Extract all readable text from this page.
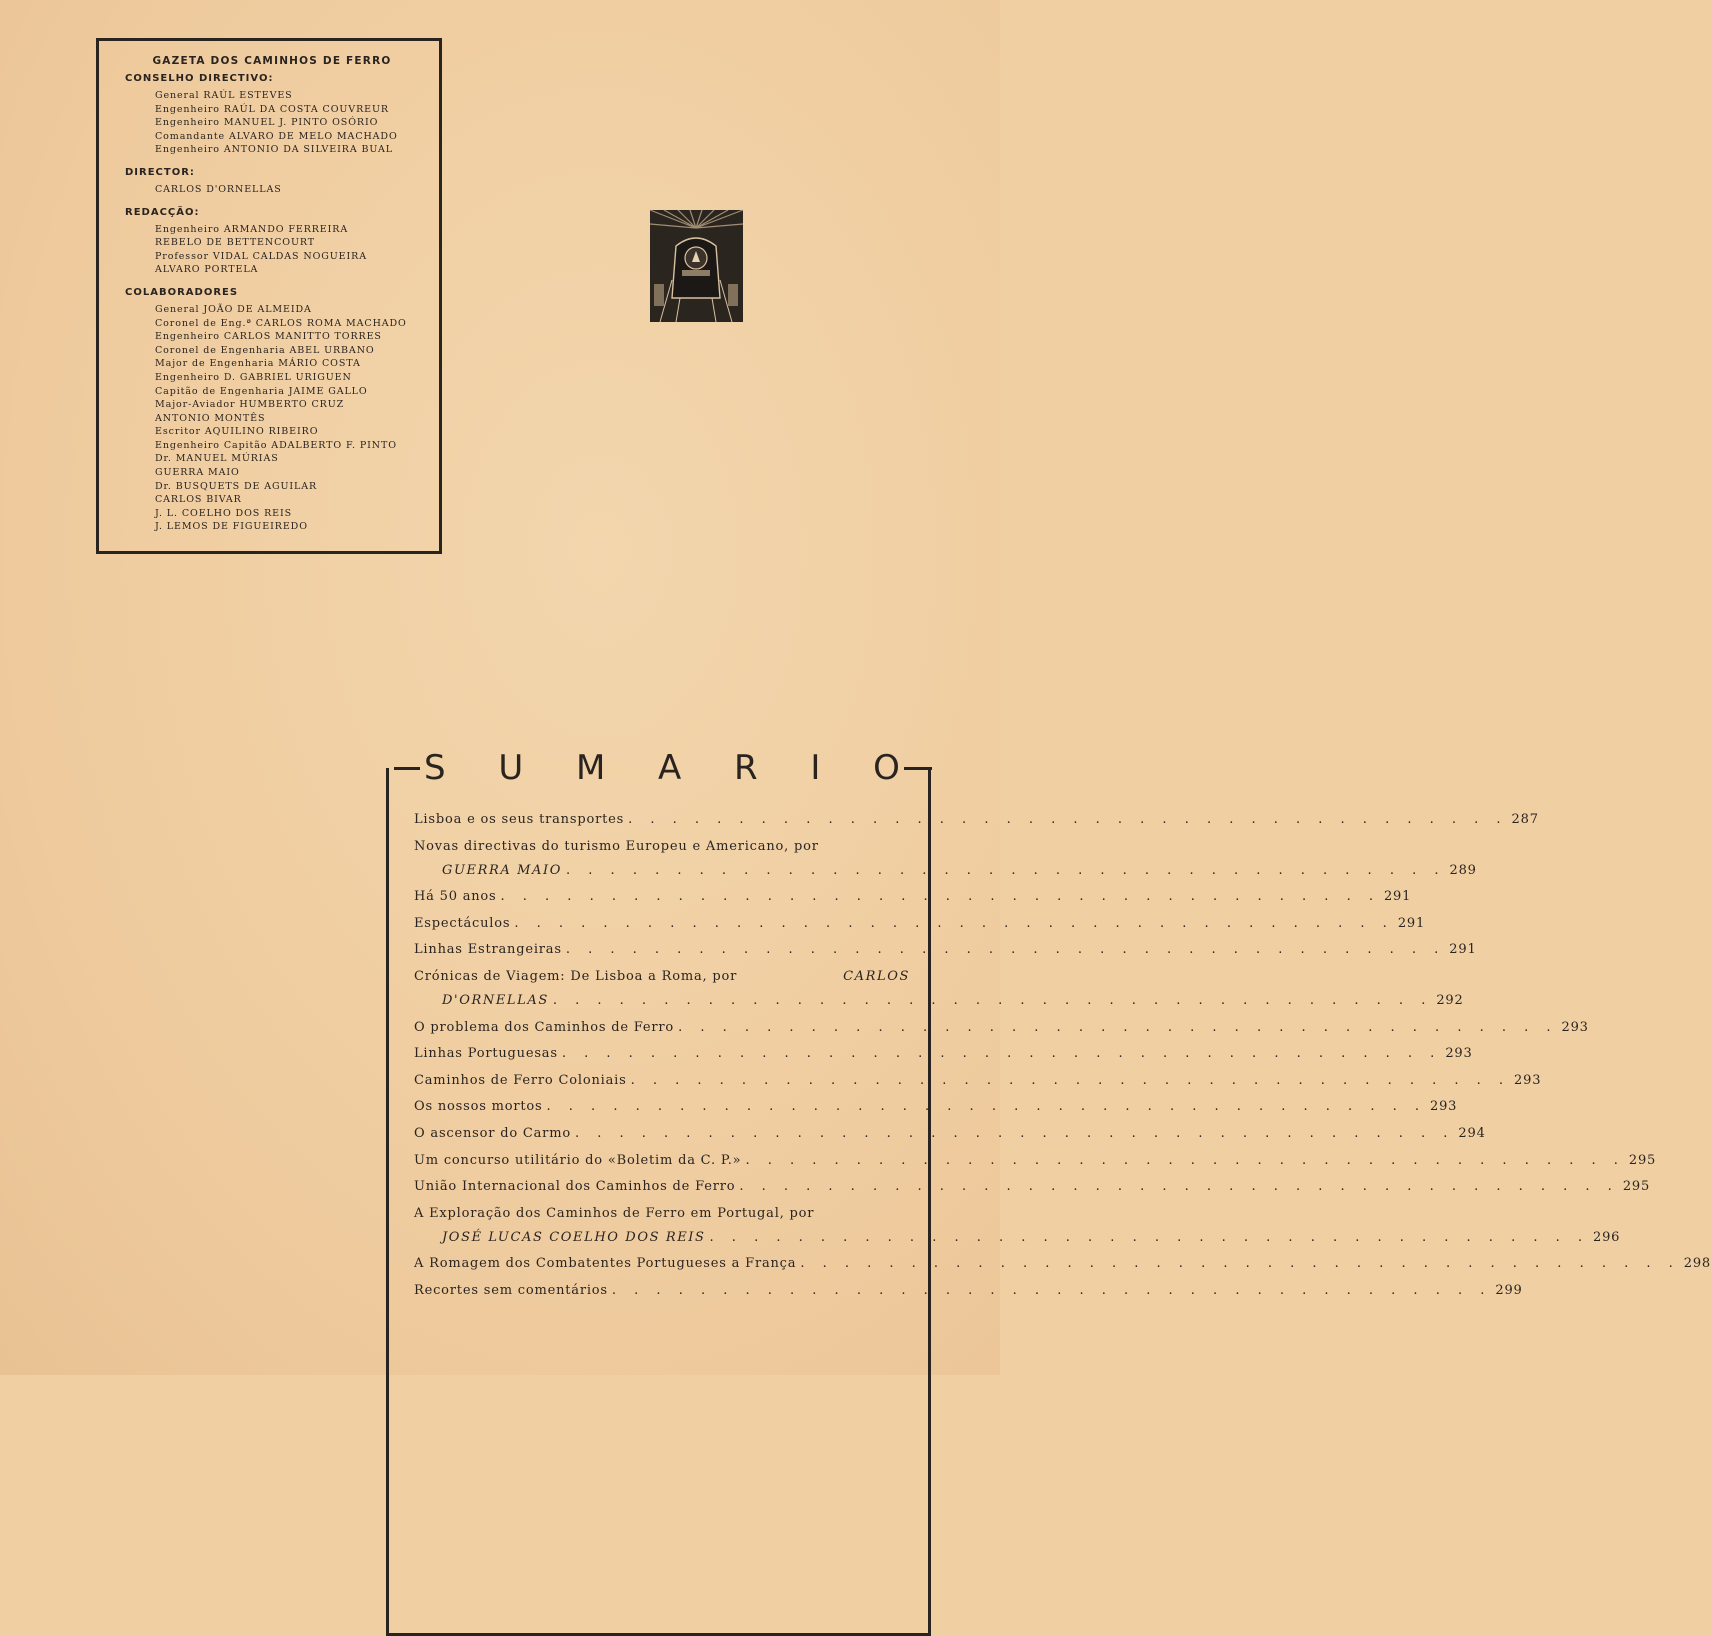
GAZETA DOS CAMINHOS DE FERRO
CONSELHO DIRECTIVO:
General RAÚL ESTEVES
Engenheiro RAÚL DA COSTA COUVREUR
Engenheiro MANUEL J. PINTO OSÓRIO
Comandante ALVARO DE MELO MACHADO
Engenheiro ANTONIO DA SILVEIRA BUAL
DIRECTOR:
CARLOS D'ORNELLAS
REDACÇÃO:
Engenheiro ARMANDO FERREIRA
REBELO DE BETTENCOURT
Professor VIDAL CALDAS NOGUEIRA
ALVARO PORTELA
COLABORADORES
General JOÃO DE ALMEIDA
Coronel de Eng.ª CARLOS ROMA MACHADO
Engenheiro CARLOS MANITTO TORRES
Coronel de Engenharia ABEL URBANO
Major de Engenharia MÁRIO COSTA
Engenheiro D. GABRIEL URIGUEN
Capitão de Engenharia JAIME GALLO
Major-Aviador HUMBERTO CRUZ
ANTONIO MONTÊS
Escritor AQUILINO RIBEIRO
Engenheiro Capitão ADALBERTO F. PINTO
Dr. MANUEL MÚRIAS
GUERRA MAIO
Dr. BUSQUETS DE AGUILAR
CARLOS BIVAR
J. L. COELHO DOS REIS
J. LEMOS DE FIGUEIREDO
S U M A R I O
Lisboa e os seus transportes . . . . . . . . . . . . . . . . . . . . . . . . . . . . . . . . . . . . . . . . 287
Novas directivas do turismo Europeu e Americano, por
GUERRA MAIO . . . . . . . . . . . . . . . . . . . . . . . . . . . . . . . . . . . . . . . . 289
Há 50 anos . . . . . . . . . . . . . . . . . . . . . . . . . . . . . . . . . . . . . . . . 291
Espectáculos . . . . . . . . . . . . . . . . . . . . . . . . . . . . . . . . . . . . . . . . 291
Linhas Estrangeiras . . . . . . . . . . . . . . . . . . . . . . . . . . . . . . . . . . . . . . . . 291
Crónicas de Viagem: De Lisboa a Roma, por	CARLOS
D'ORNELLAS . . . . . . . . . . . . . . . . . . . . . . . . . . . . . . . . . . . . . . . . 292
O problema dos Caminhos de Ferro . . . . . . . . . . . . . . . . . . . . . . . . . . . . . . . . . . . . . . . . 293
Linhas Portuguesas . . . . . . . . . . . . . . . . . . . . . . . . . . . . . . . . . . . . . . . . 293
Caminhos de Ferro Coloniais . . . . . . . . . . . . . . . . . . . . . . . . . . . . . . . . . . . . . . . . 293
Os nossos mortos . . . . . . . . . . . . . . . . . . . . . . . . . . . . . . . . . . . . . . . . 293
O ascensor do Carmo . . . . . . . . . . . . . . . . . . . . . . . . . . . . . . . . . . . . . . . . 294
Um concurso utilitário do «Boletim da C. P.» . . . . . . . . . . . . . . . . . . . . . . . . . . . . . . . . . . . . . . . . 295
União Internacional dos Caminhos de Ferro . . . . . . . . . . . . . . . . . . . . . . . . . . . . . . . . . . . . . . . . 295
A Exploração dos Caminhos de Ferro em Portugal, por
JOSÉ LUCAS COELHO DOS REIS . . . . . . . . . . . . . . . . . . . . . . . . . . . . . . . . . . . . . . . . 296
A Romagem dos Combatentes Portugueses a França . . . . . . . . . . . . . . . . . . . . . . . . . . . . . . . . . . . . . . . . 298
Recortes sem comentários . . . . . . . . . . . . . . . . . . . . . . . . . . . . . . . . . . . . . . . . 299
